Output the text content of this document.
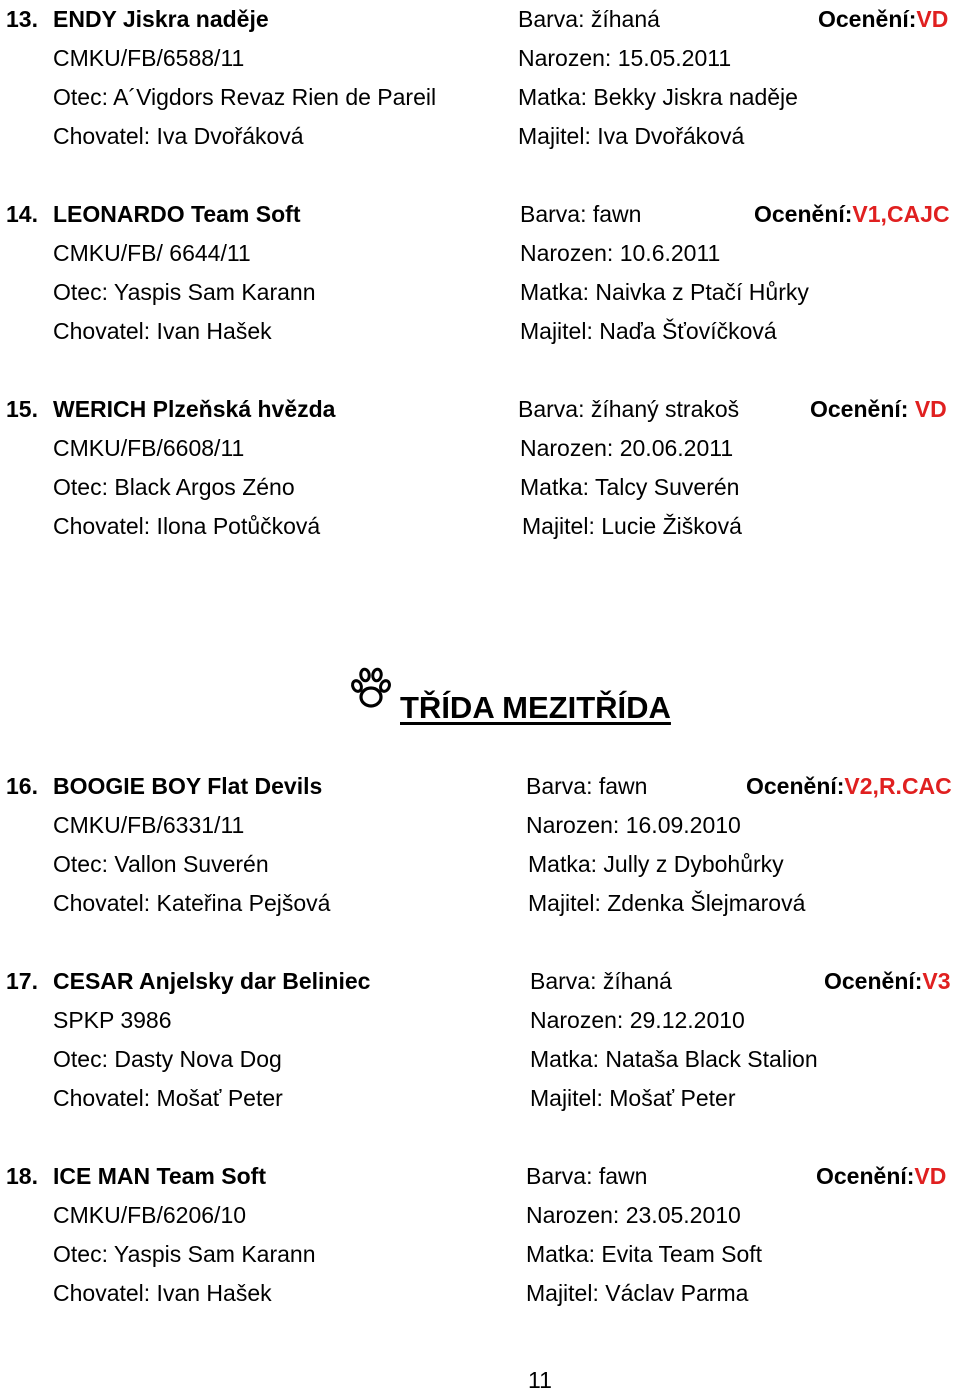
13. ENDY Jiskra naděje	Barva: žíhaná	Ocenění:VD
CMKU/FB/6588/11	Narozen: 15.05.2011
Otec: A´Vigdors Revaz Rien de Pareil	Matka: Bekky Jiskra naděje
Chovatel: Iva Dvořáková	Majitel: Iva Dvořáková
14. LEONARDO Team Soft	Barva: fawn	Ocenění:V1,CAJC
CMKU/FB/ 6644/11	Narozen: 10.6.2011
Otec: Yaspis Sam Karann	Matka: Naivka z Ptačí Hůrky
Chovatel: Ivan Hašek	Majitel: Naďa Šťovíčková
15. WERICH Plzeňská hvězda	Barva: žíhaný strakoš	Ocenění: VD
CMKU/FB/6608/11	Narozen: 20.06.2011
Otec: Black Argos Zéno	Matka: Talcy Suverén
Chovatel: Ilona Potůčková	Majitel: Lucie Žišková
TŘÍDA MEZITŘÍDA
16. BOOGIE BOY Flat Devils	Barva: fawn	Ocenění:V2,R.CAC
CMKU/FB/6331/11	Narozen: 16.09.2010
Otec: Vallon Suverén	Matka: Jully z Dybohůrky
Chovatel: Kateřina Pejšová	Majitel: Zdenka Šlejmarová
17. CESAR Anjelsky dar Beliniec	Barva: žíhaná	Ocenění:V3
SPKP 3986	Narozen: 29.12.2010
Otec: Dasty Nova Dog	Matka: Nataša Black Stalion
Chovatel: Mošať Peter	Majitel: Mošať Peter
18. ICE MAN Team Soft	Barva: fawn	Ocenění:VD
CMKU/FB/6206/10	Narozen: 23.05.2010
Otec: Yaspis Sam Karann	Matka: Evita Team Soft
Chovatel: Ivan Hašek	Majitel: Václav Parma
11
